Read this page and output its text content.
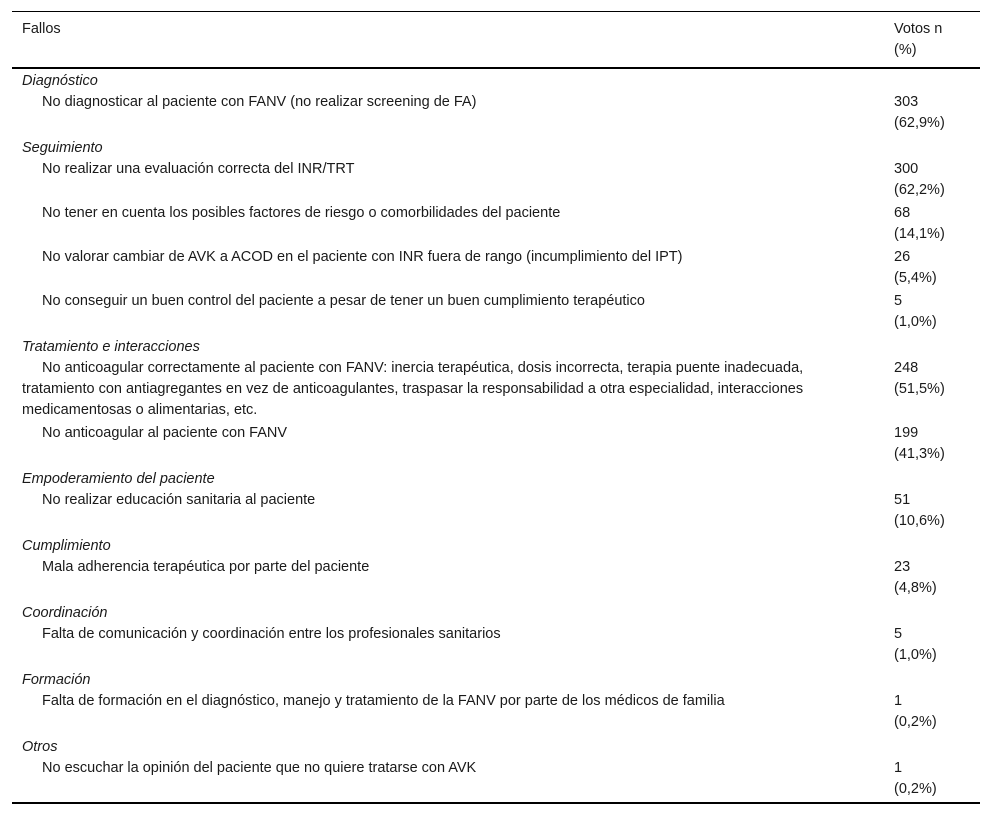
Fallos	Votos n
(%)
Diagnóstico	
No diagnosticar al paciente con FANV (no realizar screening de FA)	303
(62,9%)
Seguimiento	
No realizar una evaluación correcta del INR/TRT	300
(62,2%)
No tener en cuenta los posibles factores de riesgo o comorbilidades del paciente	68
(14,1%)
No valorar cambiar de AVK a ACOD en el paciente con INR fuera de rango (incumplimiento del IPT)	26
(5,4%)
No conseguir un buen control del paciente a pesar de tener un buen cumplimiento terapéutico	5
(1,0%)
Tratamiento e interacciones	
No anticoagular correctamente al paciente con FANV: inercia terapéutica, dosis incorrecta, terapia puente inadecuada, tratamiento con antiagregantes en vez de anticoagulantes, traspasar la responsabilidad a otra especialidad, interacciones medicamentosas o alimentarias, etc.	248
(51,5%)
No anticoagular al paciente con FANV	199
(41,3%)
Empoderamiento del paciente	
No realizar educación sanitaria al paciente	51
(10,6%)
Cumplimiento	
Mala adherencia terapéutica por parte del paciente	23
(4,8%)
Coordinación	
Falta de comunicación y coordinación entre los profesionales sanitarios	5
(1,0%)
Formación	
Falta de formación en el diagnóstico, manejo y tratamiento de la FANV por parte de los médicos de familia	1
(0,2%)
Otros	
No escuchar la opinión del paciente que no quiere tratarse con AVK	1
(0,2%)
